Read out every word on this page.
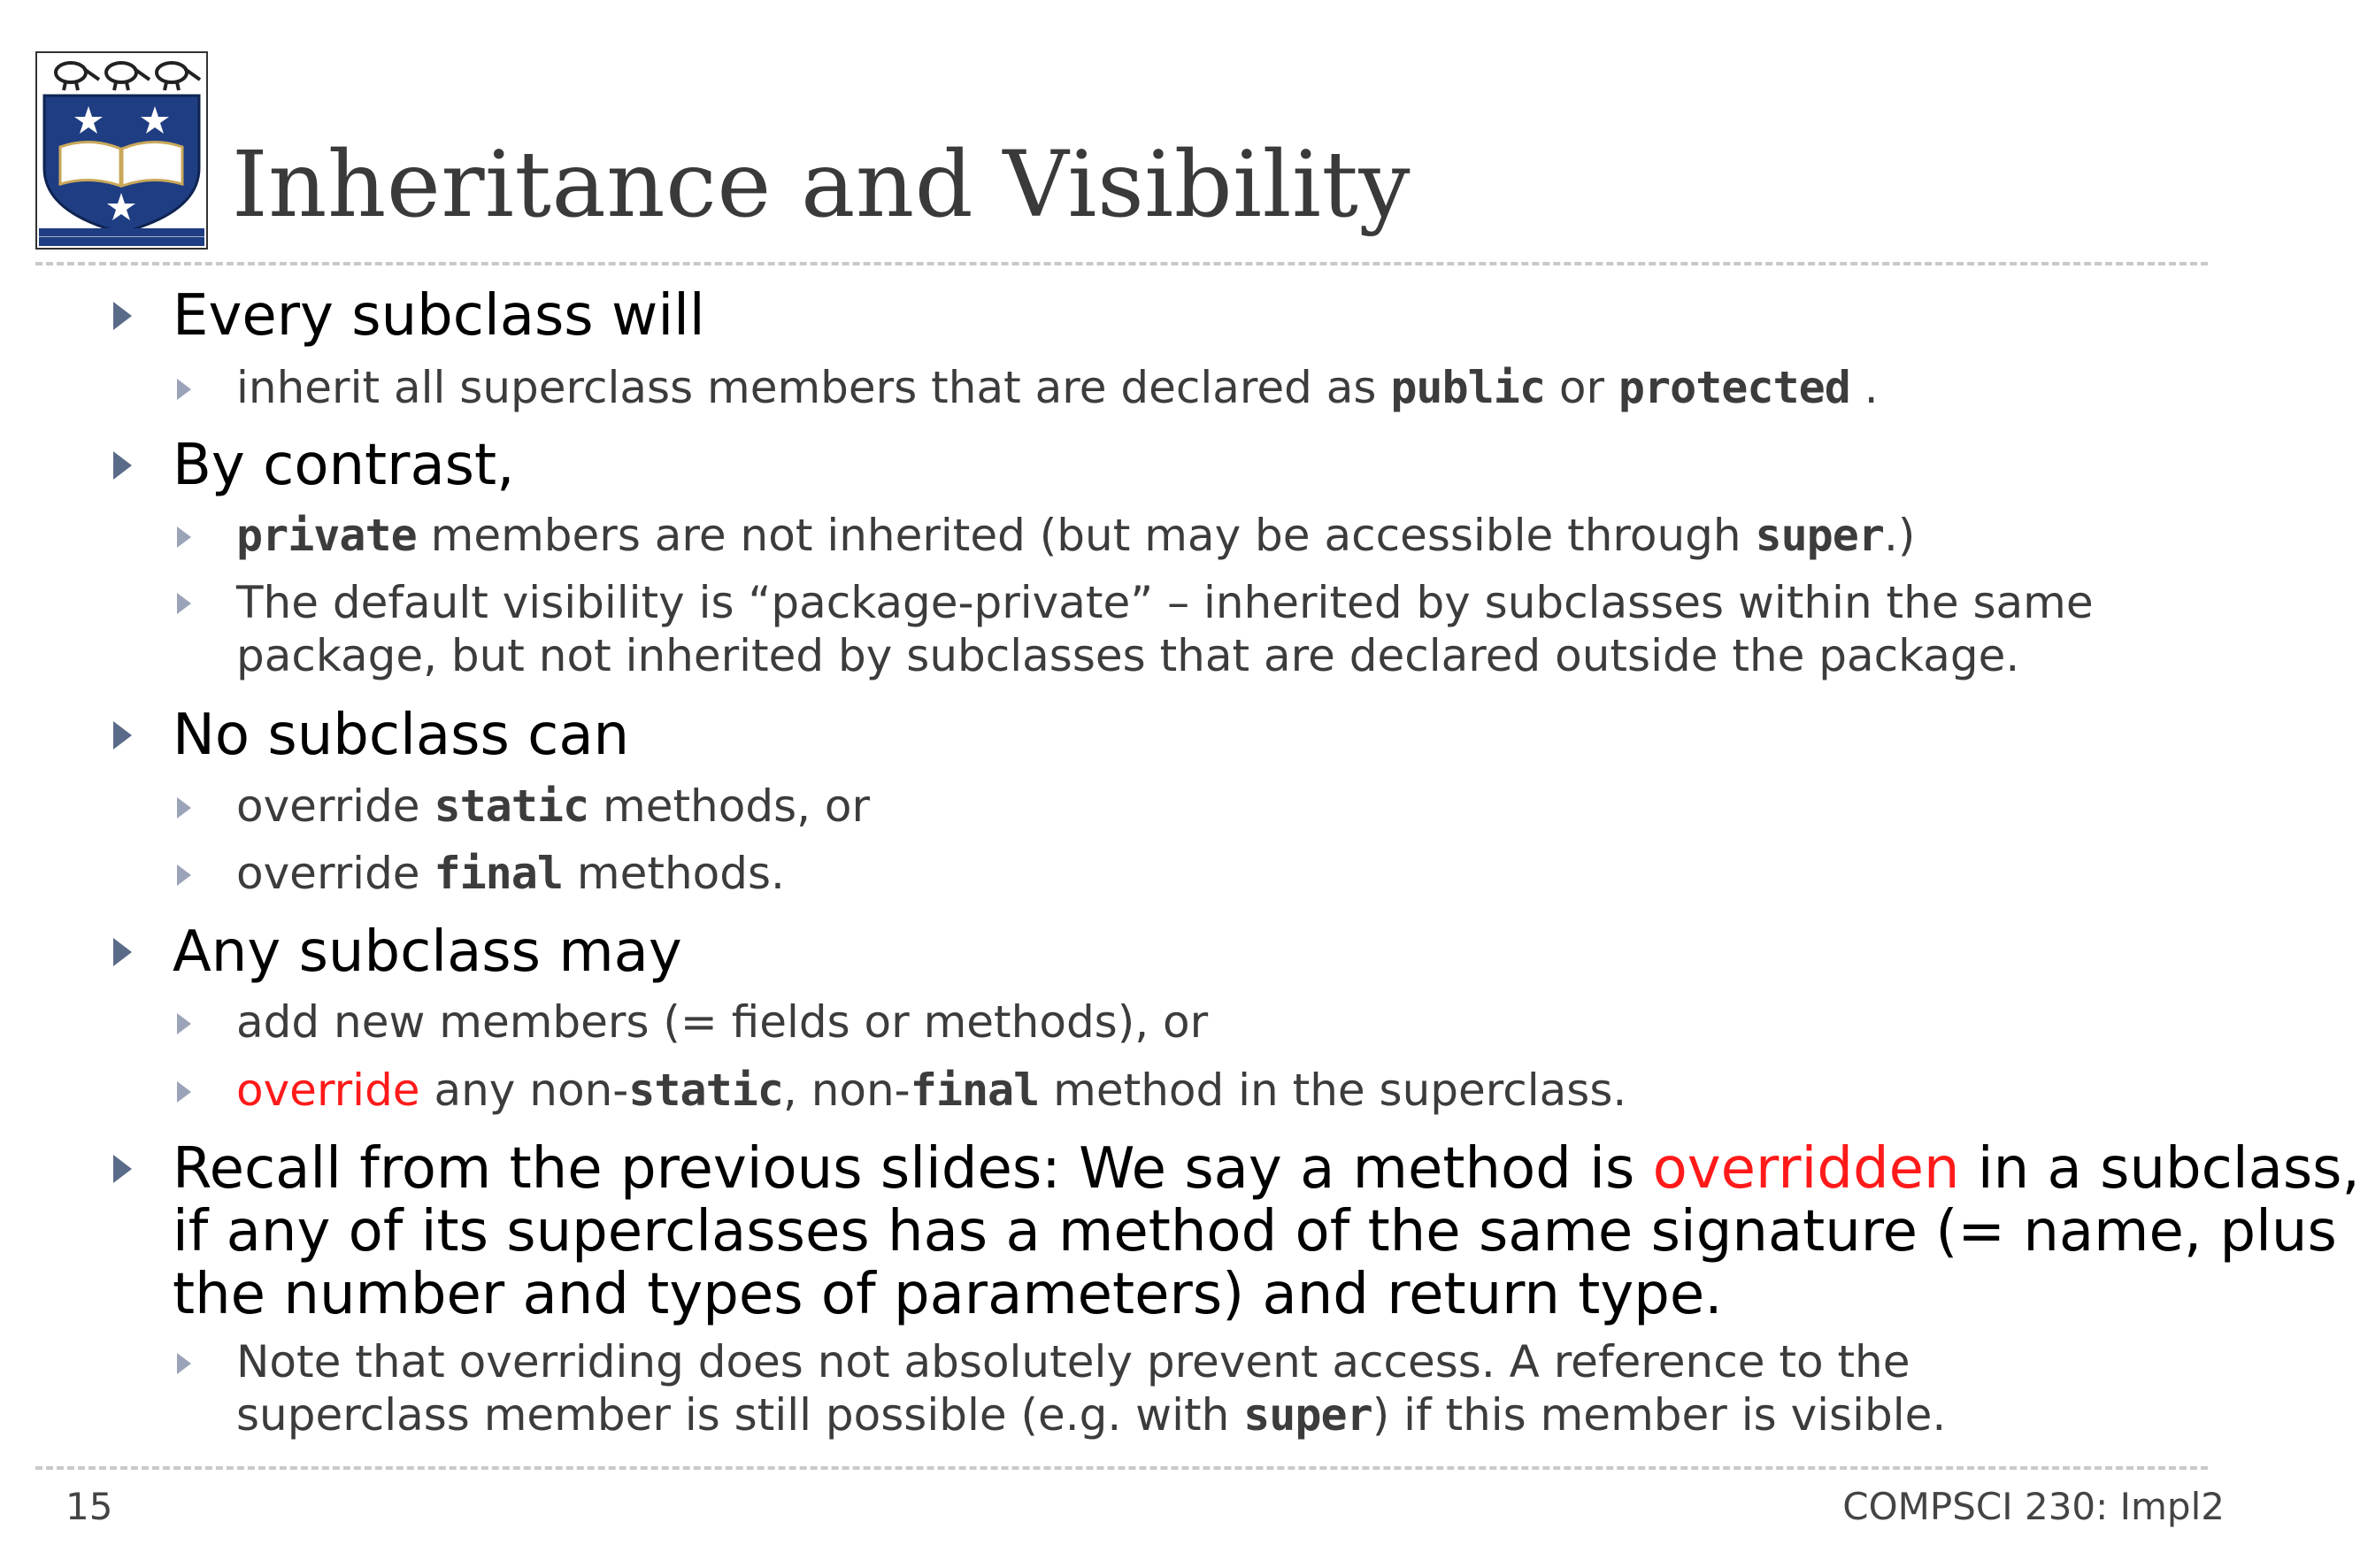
Inheritance and Visibility
Every subclass will
inherit all superclass members that are declared as public or protected .
By contrast,
private members are not inherited (but may be accessible through super.)
The default visibility is “package-private” – inherited by subclasses within the same
package, but not inherited by subclasses that are declared outside the package.
No subclass can
override static methods, or
override final methods.
Any subclass may
add new members (= fields or methods), or
override any non-static, non-final method in the superclass.
Recall from the previous slides: We say a method is overridden in a subclass,
if any of its superclasses has a method of the same signature (= name, plus
the number and types of parameters) and return type.
Note that overriding does not absolutely prevent access. A reference to the
superclass member is still possible (e.g. with super) if this member is visible.
15	COMPSCI 230: Impl2
